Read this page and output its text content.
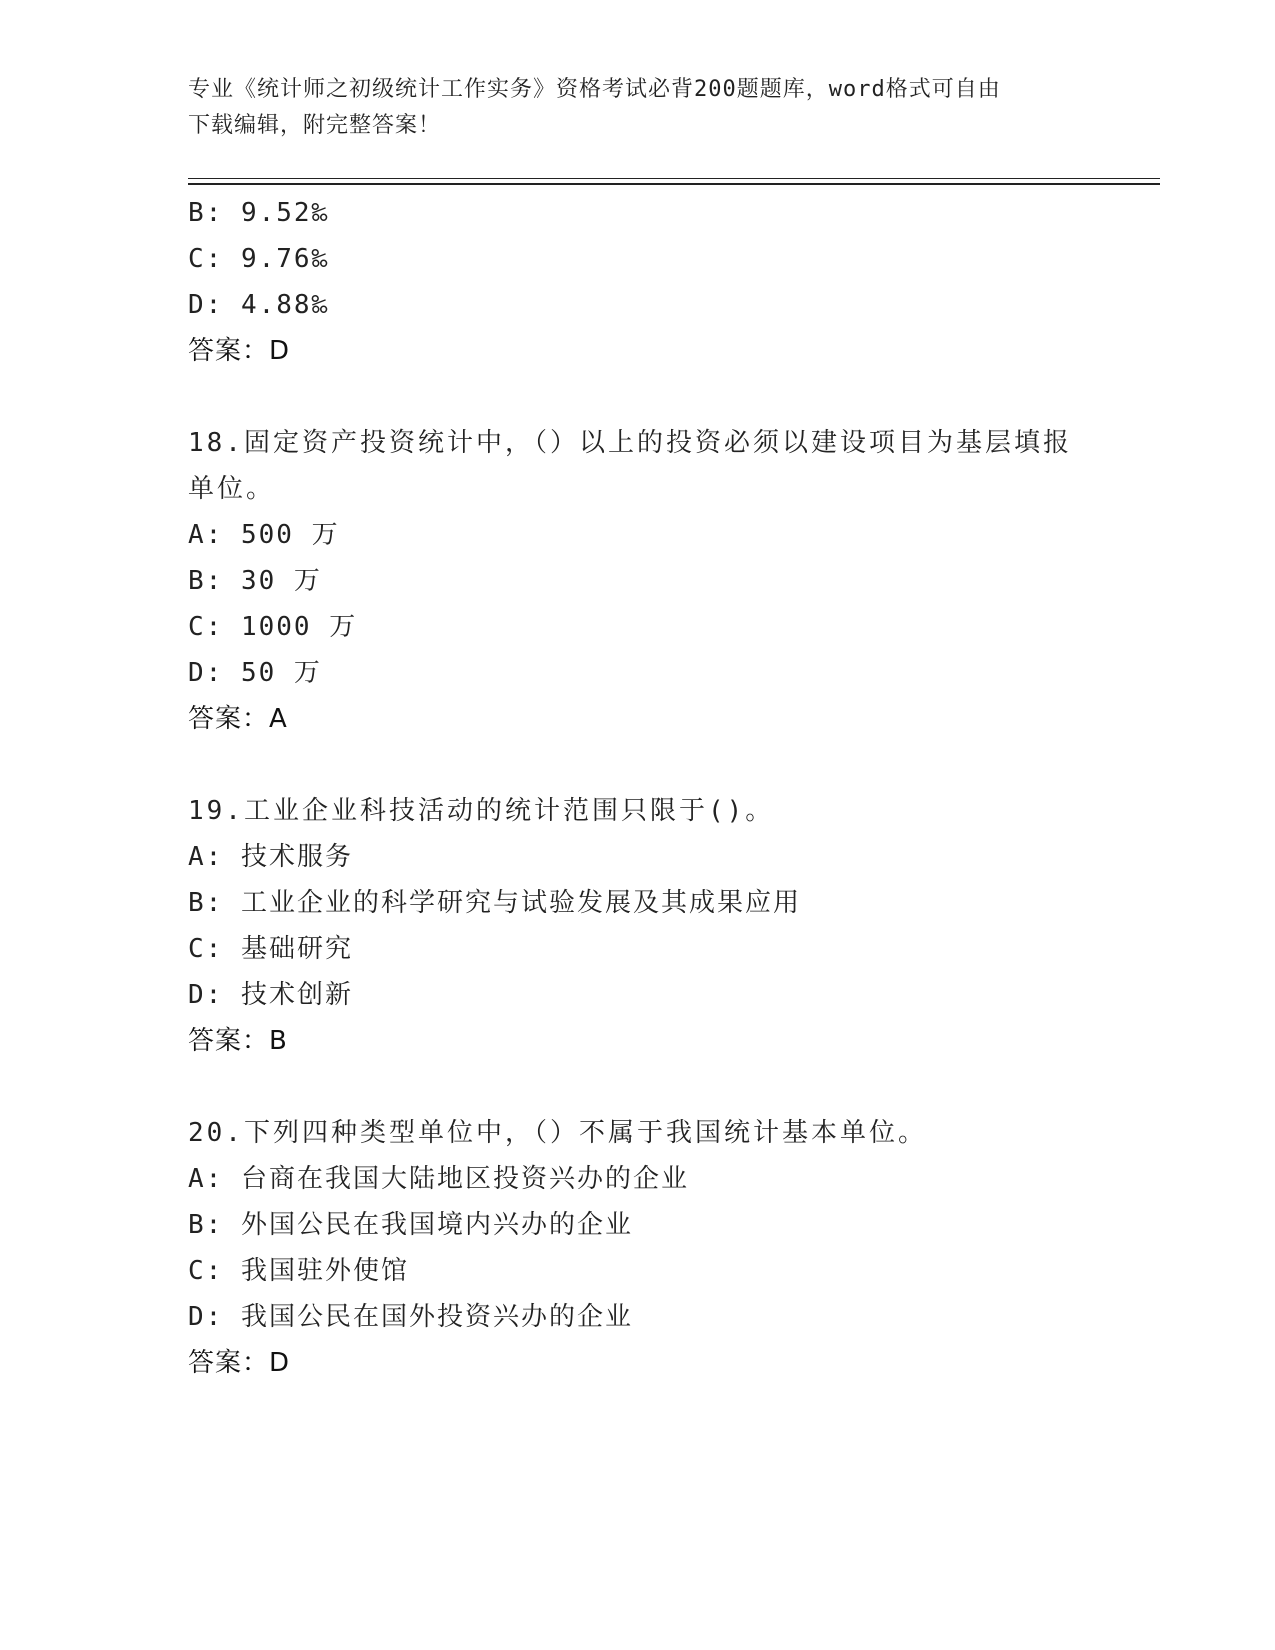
专业《统计师之初级统计工作实务》资格考试必背200题题库，word格式可自由
下载编辑，附完整答案！
B: 9.52‰
C: 9.76‰
D: 4.88‰
答案：D
18.固定资产投资统计中，（）以上的投资必须以建设项目为基层填报
单位。
A: 500 万
B: 30 万
C: 1000 万
D: 50 万
答案：A
19.工业企业科技活动的统计范围只限于()。
A: 技术服务
B: 工业企业的科学研究与试验发展及其成果应用
C: 基础研究
D: 技术创新
答案：B
20.下列四种类型单位中，（）不属于我国统计基本单位。
A: 台商在我国大陆地区投资兴办的企业
B: 外国公民在我国境内兴办的企业
C: 我国驻外使馆
D: 我国公民在国外投资兴办的企业
答案：D
